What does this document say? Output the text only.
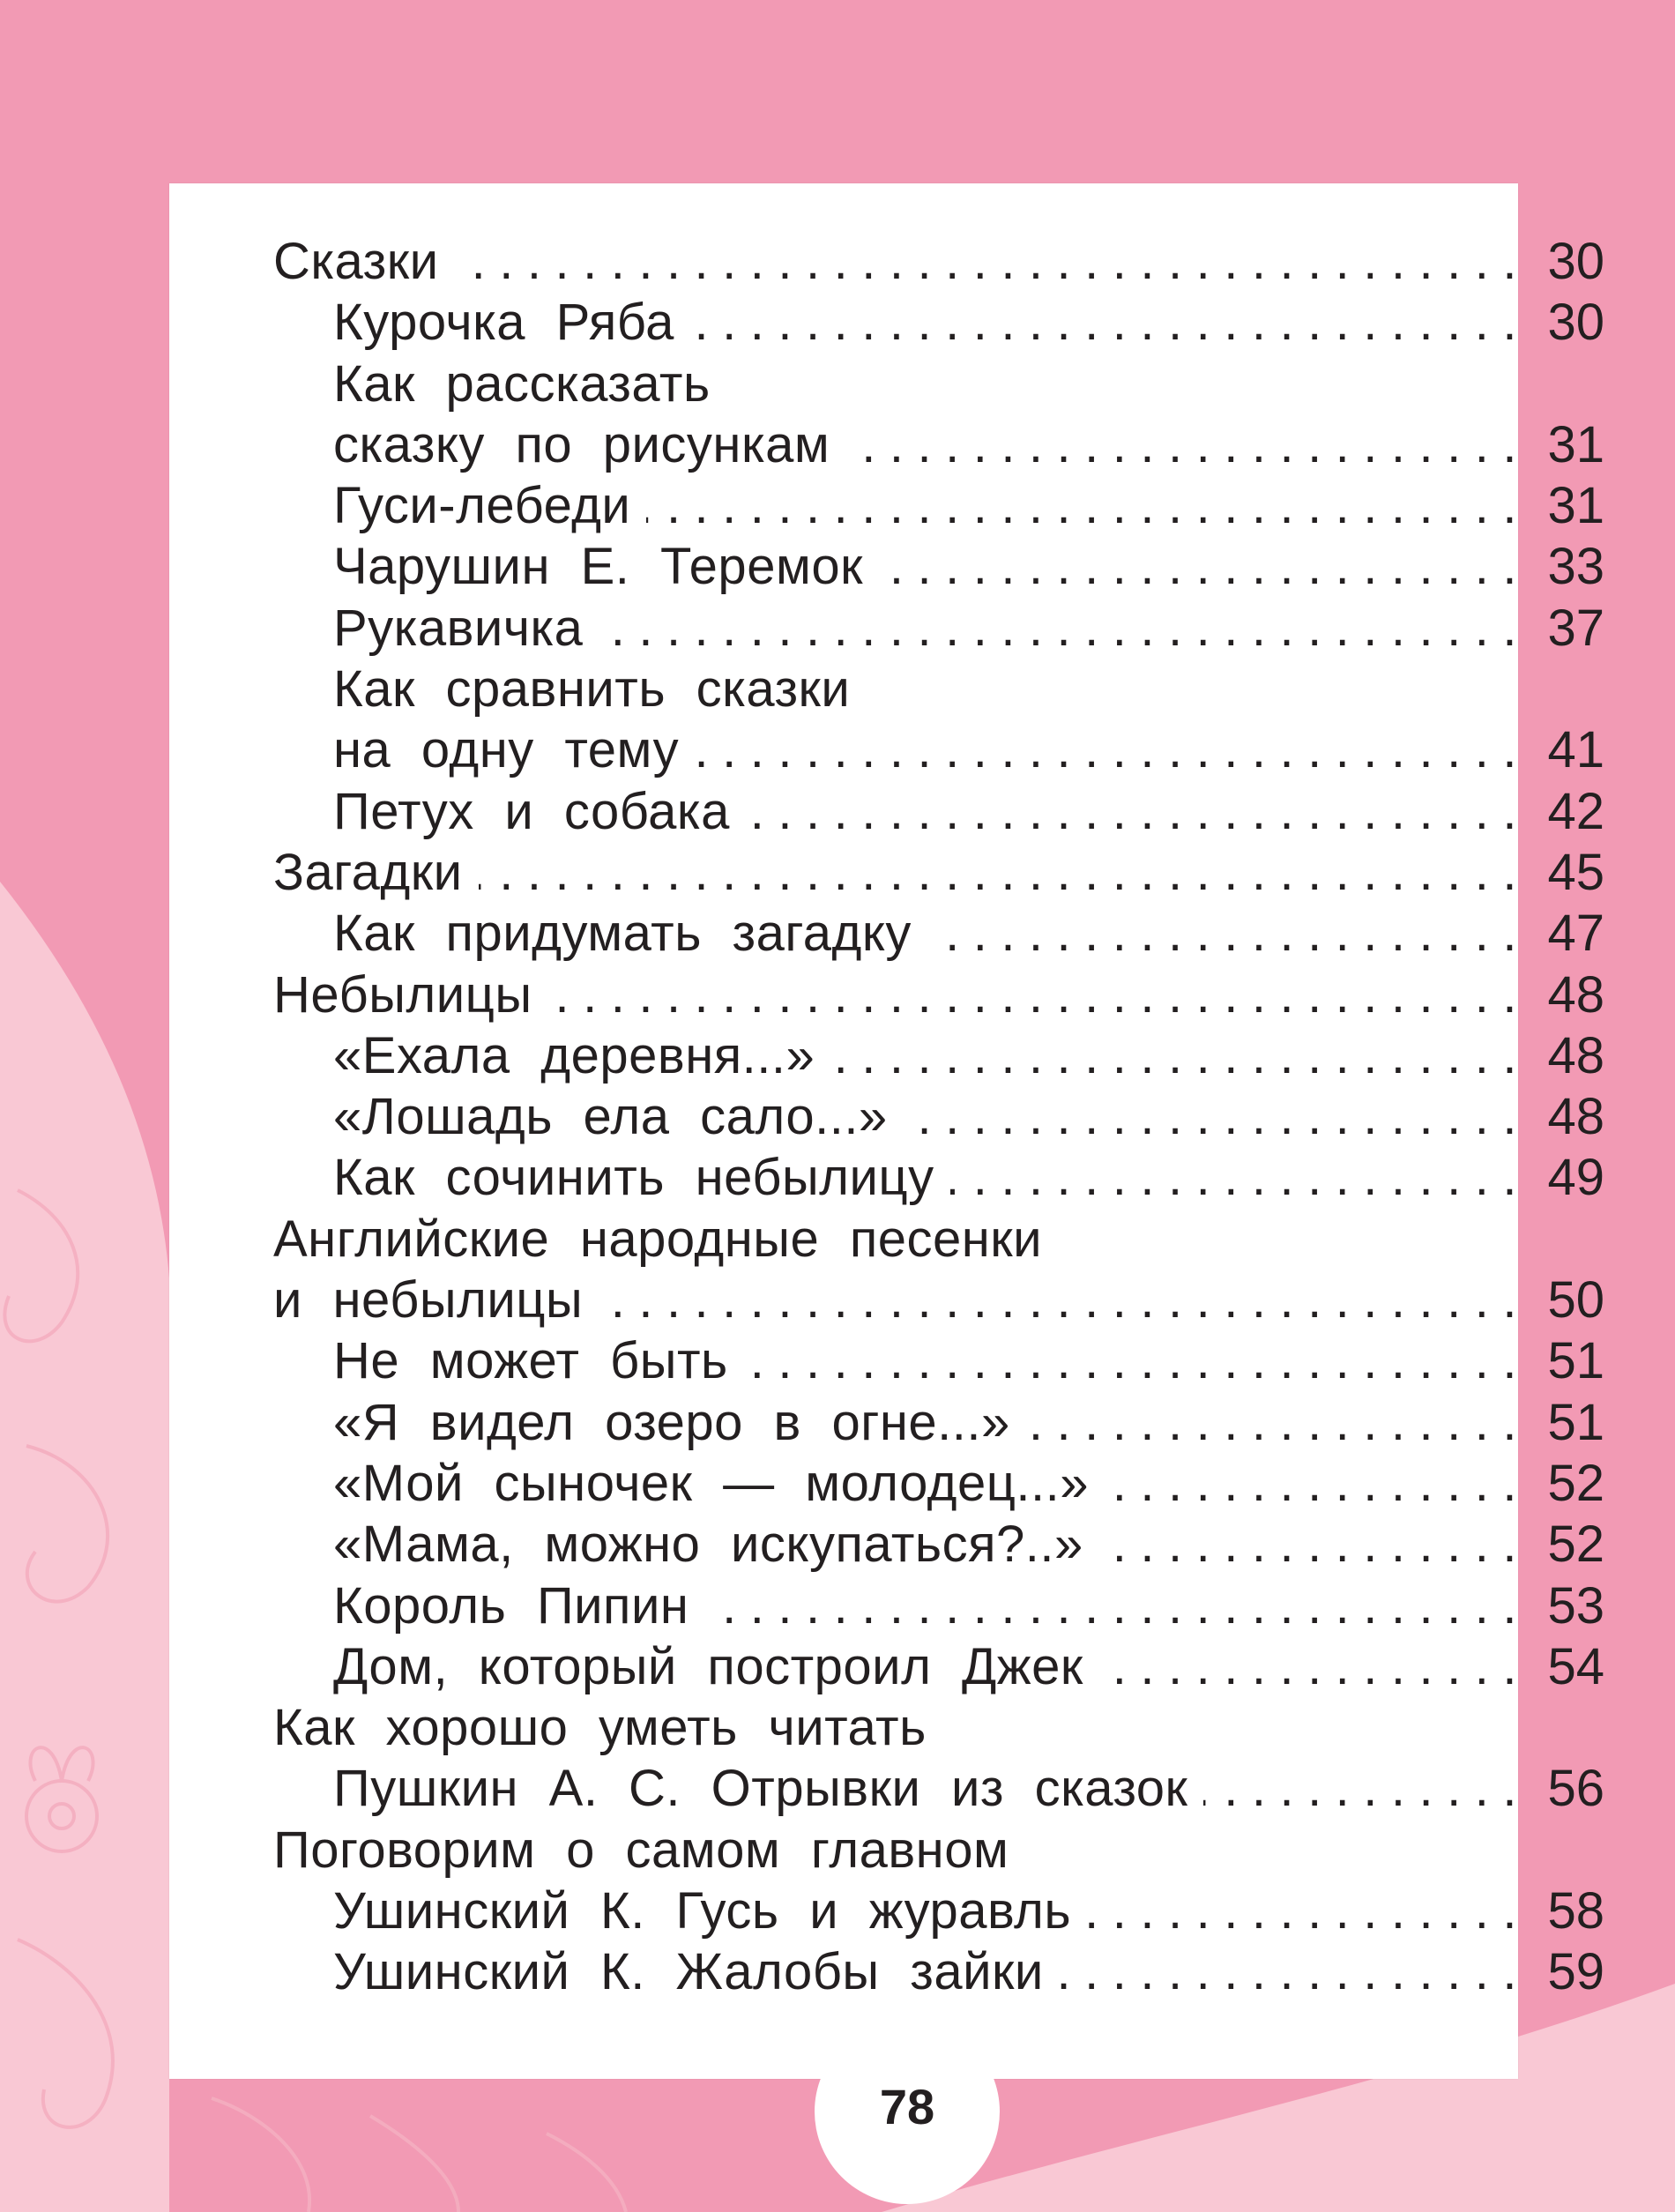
Сказки .....	30
Курочка Ряба .....	30
Как рассказать
сказку по рисункам .....	31
Гуси-лебеди .....	31
Чарушин Е. Теремок .....	33
Рукавичка .....	37
Как сравнить сказки
на одну тему .....	41
Петух и собака .....	42
Загадки .....	45
Как придумать загадку .....	47
Небылицы .....	48
«Ехала деревня...» .....	48
«Лошадь ела сало...» .....	48
Как сочинить небылицу .....	49
Английские народные песенки
и небылицы .....	50
Не может быть .....	51
«Я видел озеро в огне...» .....	51
«Мой сыночек — молодец...» .....	52
«Мама, можно искупаться?..» .....	52
Король Пипин .....	53
Дом, который построил Джек .....	54
Как хорошо уметь читать
Пушкин А. С. Отрывки из сказок .....	56
Поговорим о самом главном
Ушинский К. Гусь и журавль .....	58
Ушинский К. Жалобы зайки .....	59
78
